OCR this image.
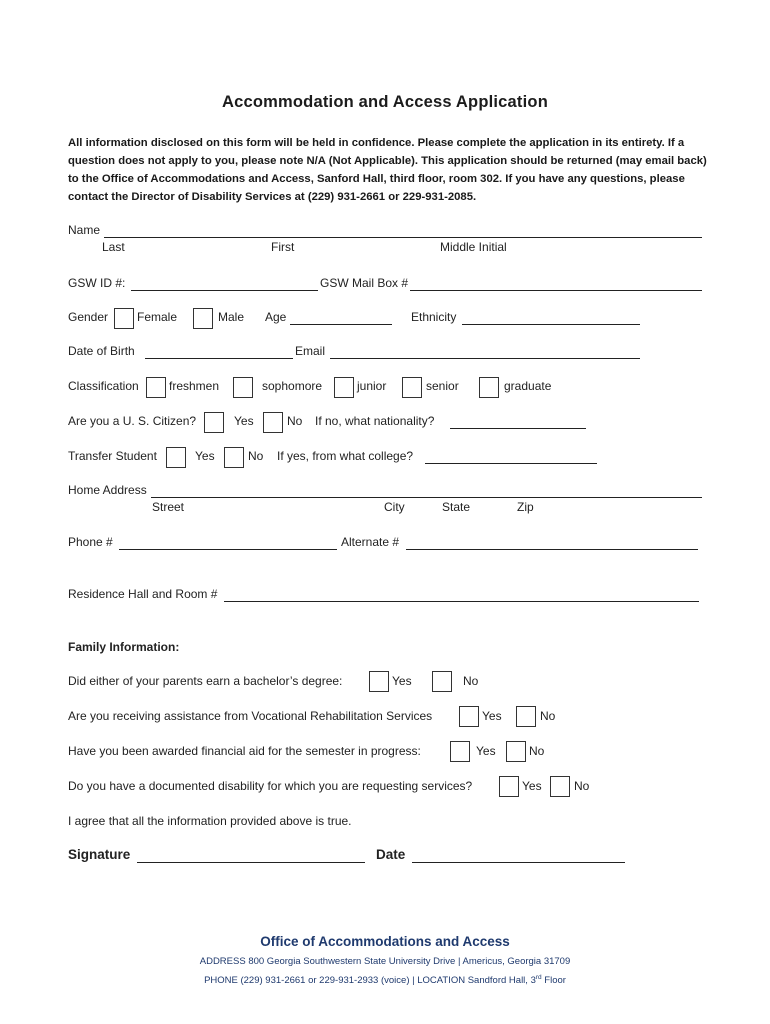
Accommodation and Access Application
All information disclosed on this form will be held in confidence. Please complete the application in its entirety. If a question does not apply to you, please note N/A (Not Applicable). This application should be returned (may email back) to the Office of Accommodations and Access, Sanford Hall, third floor, room 302. If you have any questions, please contact the Director of Disability Services at (229) 931-2661 or 229-931-2085.
Name
Last	First	Middle Initial
GSW ID #:	GSW Mail Box #
Gender Female	Male Age	Ethnicity
Date of Birth	Email
Classification	freshmen	sophomore	junior	senior	graduate
Are you a U. S. Citizen?	Yes	No If no, what nationality?
Transfer Student	Yes	No If yes, from what college?
Home Address
Street	City	State	Zip
Phone #	Alternate #
Residence Hall and Room #
Family Information:
Did either of your parents earn a bachelor’s degree:	Yes	No
Are you receiving assistance from Vocational Rehabilitation Services	Yes	No
Have you been awarded financial aid for the semester in progress:	Yes	No
Do you have a documented disability for which you are requesting services?	Yes	No
I agree that all the information provided above is true.
Signature	Date
Office of Accommodations and Access
ADDRESS 800 Georgia Southwestern State University Drive | Americus, Georgia 31709
PHONE (229) 931-2661 or 229-931-2933 (voice) | LOCATION Sandford Hall, 3rd Floor
